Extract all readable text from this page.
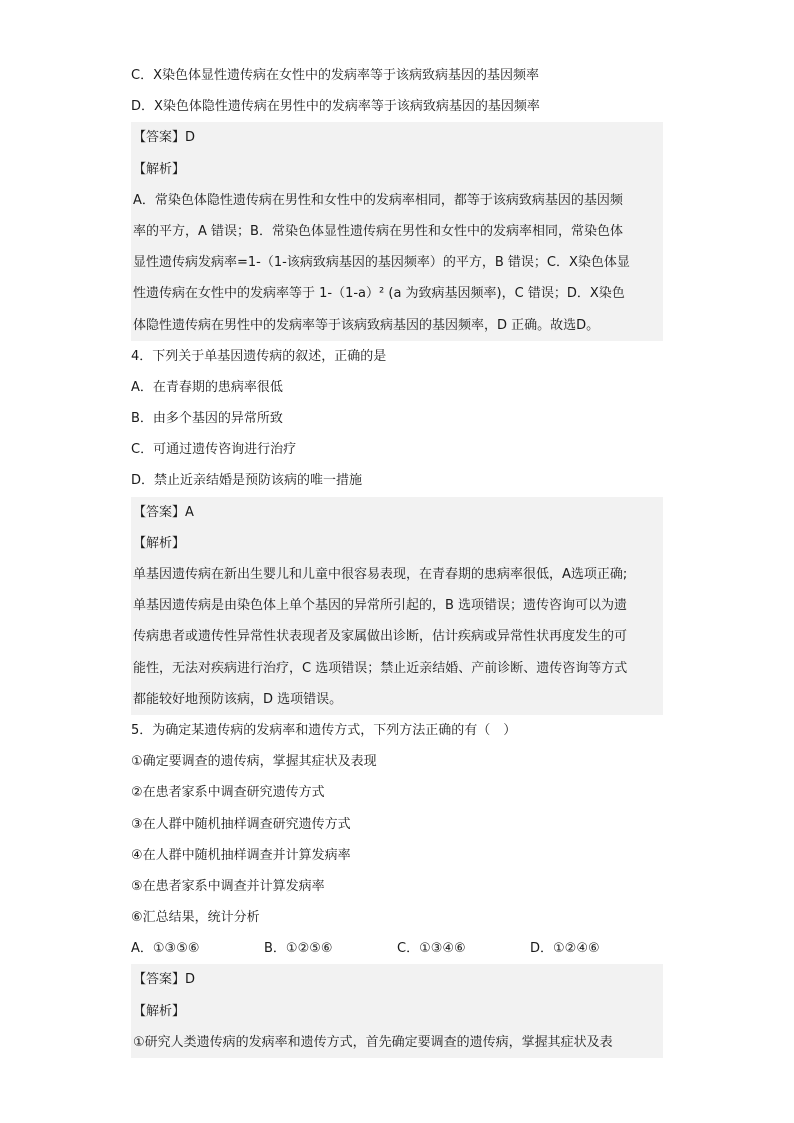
C．X染色体显性遗传病在女性中的发病率等于该病致病基因的基因频率
D．X染色体隐性遗传病在男性中的发病率等于该病致病基因的基因频率
【答案】D
【解析】
A．常染色体隐性遗传病在男性和女性中的发病率相同，都等于该病致病基因的基因频
率的平方，A 错误；B．常染色体显性遗传病在男性和女性中的发病率相同，常染色体
显性遗传病发病率=1-（1-该病致病基因的基因频率）的平方，B 错误；C．X染色体显
性遗传病在女性中的发病率等于 1-（1-a）² (a 为致病基因频率)，C 错误；D．X染色
体隐性遗传病在男性中的发病率等于该病致病基因的基因频率，D 正确。故选D。
4．下列关于单基因遗传病的叙述，正确的是
A．在青春期的患病率很低
B．由多个基因的异常所致
C．可通过遗传咨询进行治疗
D．禁止近亲结婚是预防该病的唯一措施
【答案】A
【解析】
单基因遗传病在新出生婴儿和儿童中很容易表现，在青春期的患病率很低，A选项正确;
单基因遗传病是由染色体上单个基因的异常所引起的，B 选项错误；遗传咨询可以为遗
传病患者或遗传性异常性状表现者及家属做出诊断，估计疾病或异常性状再度发生的可
能性，无法对疾病进行治疗，C 选项错误；禁止近亲结婚、产前诊断、遗传咨询等方式
都能较好地预防该病，D 选项错误。
5．为确定某遗传病的发病率和遗传方式，下列方法正确的有（　）
①确定要调查的遗传病，掌握其症状及表现
②在患者家系中调查研究遗传方式
③在人群中随机抽样调查研究遗传方式
④在人群中随机抽样调查并计算发病率
⑤在患者家系中调查并计算发病率
⑥汇总结果，统计分析
A．①③⑤⑥	B．①②⑤⑥	C．①③④⑥	D．①②④⑥
【答案】D
【解析】
①研究人类遗传病的发病率和遗传方式，首先确定要调查的遗传病，掌握其症状及表
